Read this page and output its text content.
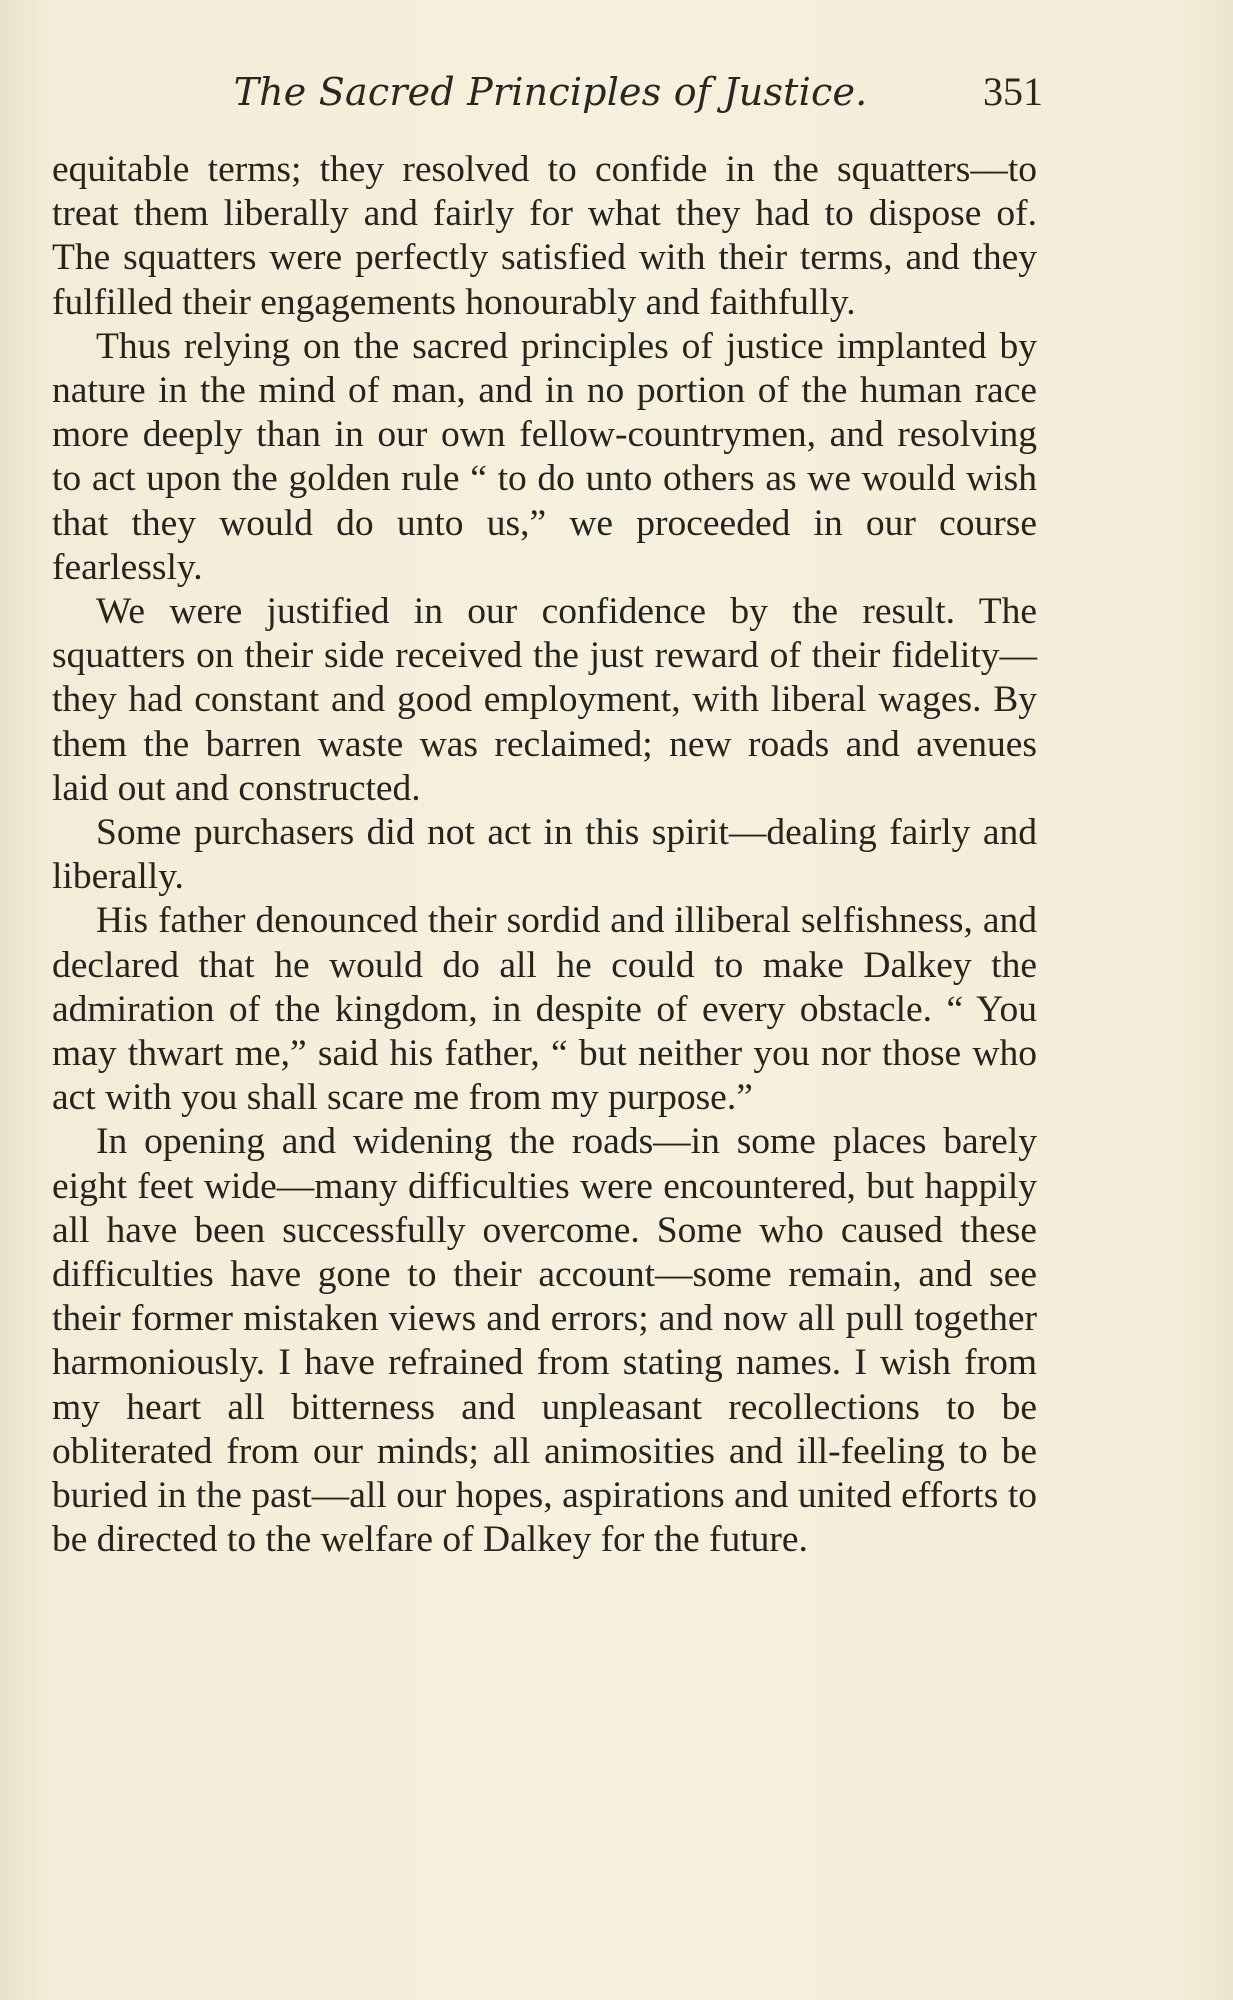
The Sacred Principles of Justice.	351

equitable terms; they resolved to confide in the squatters—to treat them liberally and fairly for what they had to dispose of. The squatters were perfectly satisfied with their terms, and they fulfilled their engagements honourably and faithfully.

Thus relying on the sacred principles of justice implanted by nature in the mind of man, and in no portion of the human race more deeply than in our own fellow-countrymen, and resolving to act upon the golden rule “ to do unto others as we would wish that they would do unto us,” we proceeded in our course fearlessly.

We were justified in our confidence by the result. The squatters on their side received the just reward of their fidelity—they had constant and good employment, with liberal wages. By them the barren waste was reclaimed; new roads and avenues laid out and constructed.

Some purchasers did not act in this spirit—dealing fairly and liberally.

His father denounced their sordid and illiberal selfishness, and declared that he would do all he could to make Dalkey the admiration of the kingdom, in despite of every obstacle. “ You may thwart me,” said his father, “ but neither you nor those who act with you shall scare me from my purpose.”

In opening and widening the roads—in some places barely eight feet wide—many difficulties were encountered, but happily all have been successfully overcome. Some who caused these difficulties have gone to their account—some remain, and see their former mistaken views and errors; and now all pull together harmoniously. I have refrained from stating names. I wish from my heart all bitterness and unpleasant recollections to be obliterated from our minds; all animosities and ill-feeling to be buried in the past—all our hopes, aspirations and united efforts to be directed to the welfare of Dalkey for the future.
